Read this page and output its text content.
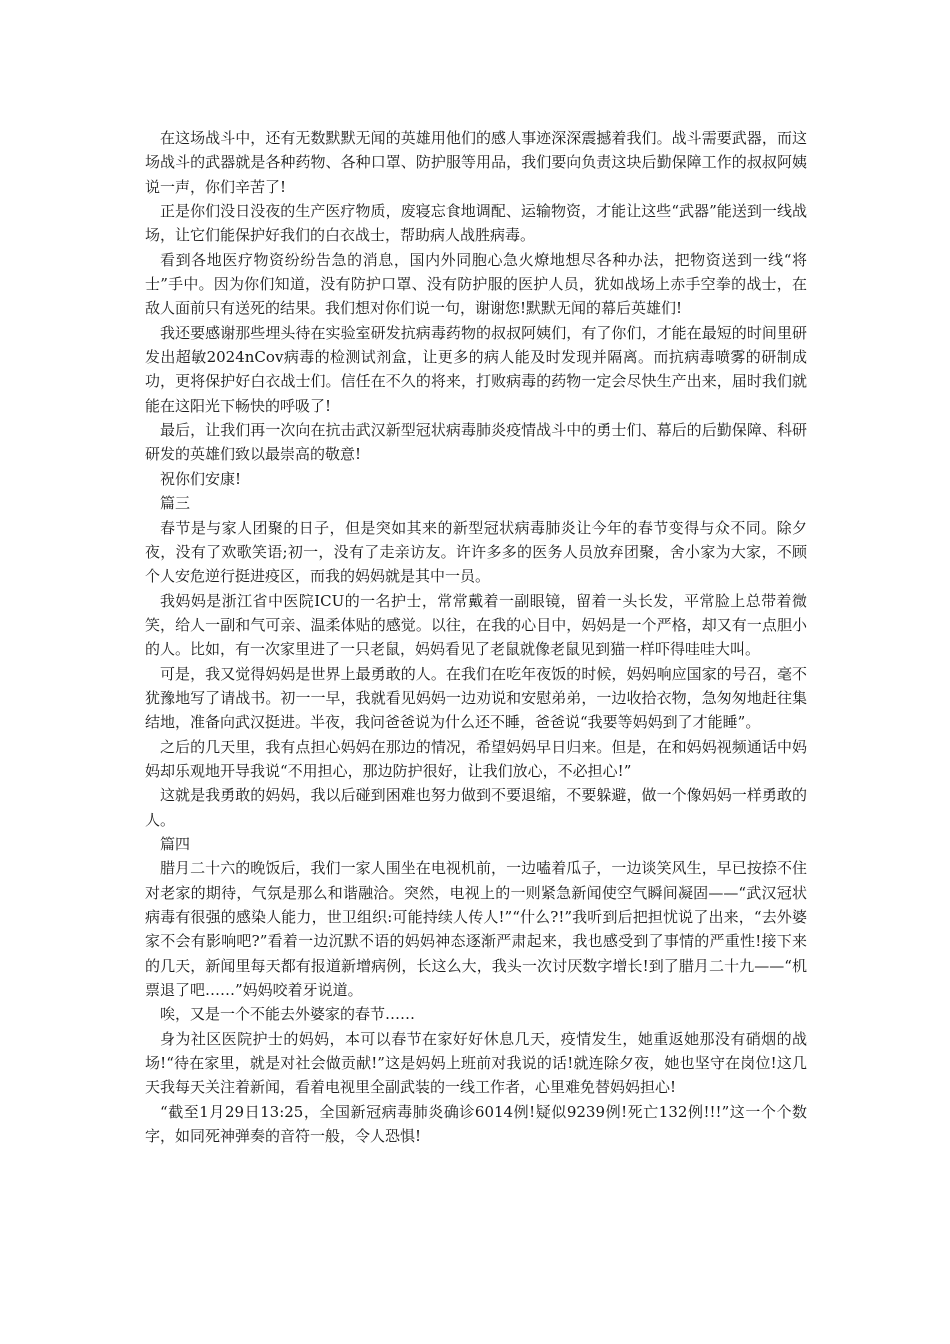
在这场战斗中，还有无数默默无闻的英雄用他们的感人事迹深深震撼着我们。战斗需要武器，而这场战斗的武器就是各种药物、各种口罩、防护服等用品，我们要向负责这块后勤保障工作的叔叔阿姨说一声，你们辛苦了!

正是你们没日没夜的生产医疗物质，废寝忘食地调配、运输物资，才能让这些“武器”能送到一线战场，让它们能保护好我们的白衣战士，帮助病人战胜病毒。

看到各地医疗物资纷纷告急的消息，国内外同胞心急火燎地想尽各种办法，把物资送到一线“将士”手中。因为你们知道，没有防护口罩、没有防护服的医护人员，犹如战场上赤手空拳的战士，在敌人面前只有送死的结果。我们想对你们说一句，谢谢您!默默无闻的幕后英雄们!

我还要感谢那些埋头待在实验室研发抗病毒药物的叔叔阿姨们，有了你们，才能在最短的时间里研发出超敏2024nCov病毒的检测试剂盒，让更多的病人能及时发现并隔离。而抗病毒喷雾的研制成功，更将保护好白衣战士们。信任在不久的将来，打败病毒的药物一定会尽快生产出来，届时我们就能在这阳光下畅快的呼吸了!

最后，让我们再一次向在抗击武汉新型冠状病毒肺炎疫情战斗中的勇士们、幕后的后勤保障、科研研发的英雄们致以最崇高的敬意!

祝你们安康!

篇三

春节是与家人团聚的日子，但是突如其来的新型冠状病毒肺炎让今年的春节变得与众不同。除夕夜，没有了欢歌笑语;初一，没有了走亲访友。许许多多的医务人员放弃团聚，舍小家为大家，不顾个人安危逆行挺进疫区，而我的妈妈就是其中一员。

我妈妈是浙江省中医院ICU的一名护士，常常戴着一副眼镜，留着一头长发，平常脸上总带着微笑，给人一副和气可亲、温柔体贴的感觉。以往，在我的心目中，妈妈是一个严格，却又有一点胆小的人。比如，有一次家里进了一只老鼠，妈妈看见了老鼠就像老鼠见到猫一样吓得哇哇大叫。

可是，我又觉得妈妈是世界上最勇敢的人。在我们在吃年夜饭的时候，妈妈响应国家的号召，毫不犹豫地写了请战书。初一一早，我就看见妈妈一边劝说和安慰弟弟，一边收拾衣物，急匆匆地赶往集结地，准备向武汉挺进。半夜，我问爸爸说为什么还不睡，爸爸说“我要等妈妈到了才能睡”。

之后的几天里，我有点担心妈妈在那边的情况，希望妈妈早日归来。但是，在和妈妈视频通话中妈妈却乐观地开导我说“不用担心，那边防护很好，让我们放心，不必担心!”

这就是我勇敢的妈妈，我以后碰到困难也努力做到不要退缩，不要躲避，做一个像妈妈一样勇敢的人。

篇四

腊月二十六的晚饭后，我们一家人围坐在电视机前，一边嗑着瓜子，一边谈笑风生，早已按捺不住对老家的期待，气氛是那么和谐融洽。突然，电视上的一则紧急新闻使空气瞬间凝固——“武汉冠状病毒有很强的感染人能力，世卫组织:可能持续人传人!”“什么?!”我听到后把担忧说了出来，“去外婆家不会有影响吧?”看着一边沉默不语的妈妈神态逐渐严肃起来，我也感受到了事情的严重性!接下来的几天，新闻里每天都有报道新增病例，长这么大，我头一次讨厌数字增长!到了腊月二十九——“机票退了吧……”妈妈咬着牙说道。

唉，又是一个不能去外婆家的春节……

身为社区医院护士的妈妈，本可以春节在家好好休息几天，疫情发生，她重返她那没有硝烟的战场!“待在家里，就是对社会做贡献!”这是妈妈上班前对我说的话!就连除夕夜，她也坚守在岗位!这几天我每天关注着新闻，看着电视里全副武装的一线工作者，心里难免替妈妈担心!

“截至1月29日13:25，全国新冠病毒肺炎确诊6014例!疑似9239例!死亡132例!!!”这一个个数字，如同死神弹奏的音符一般，令人恐惧!
